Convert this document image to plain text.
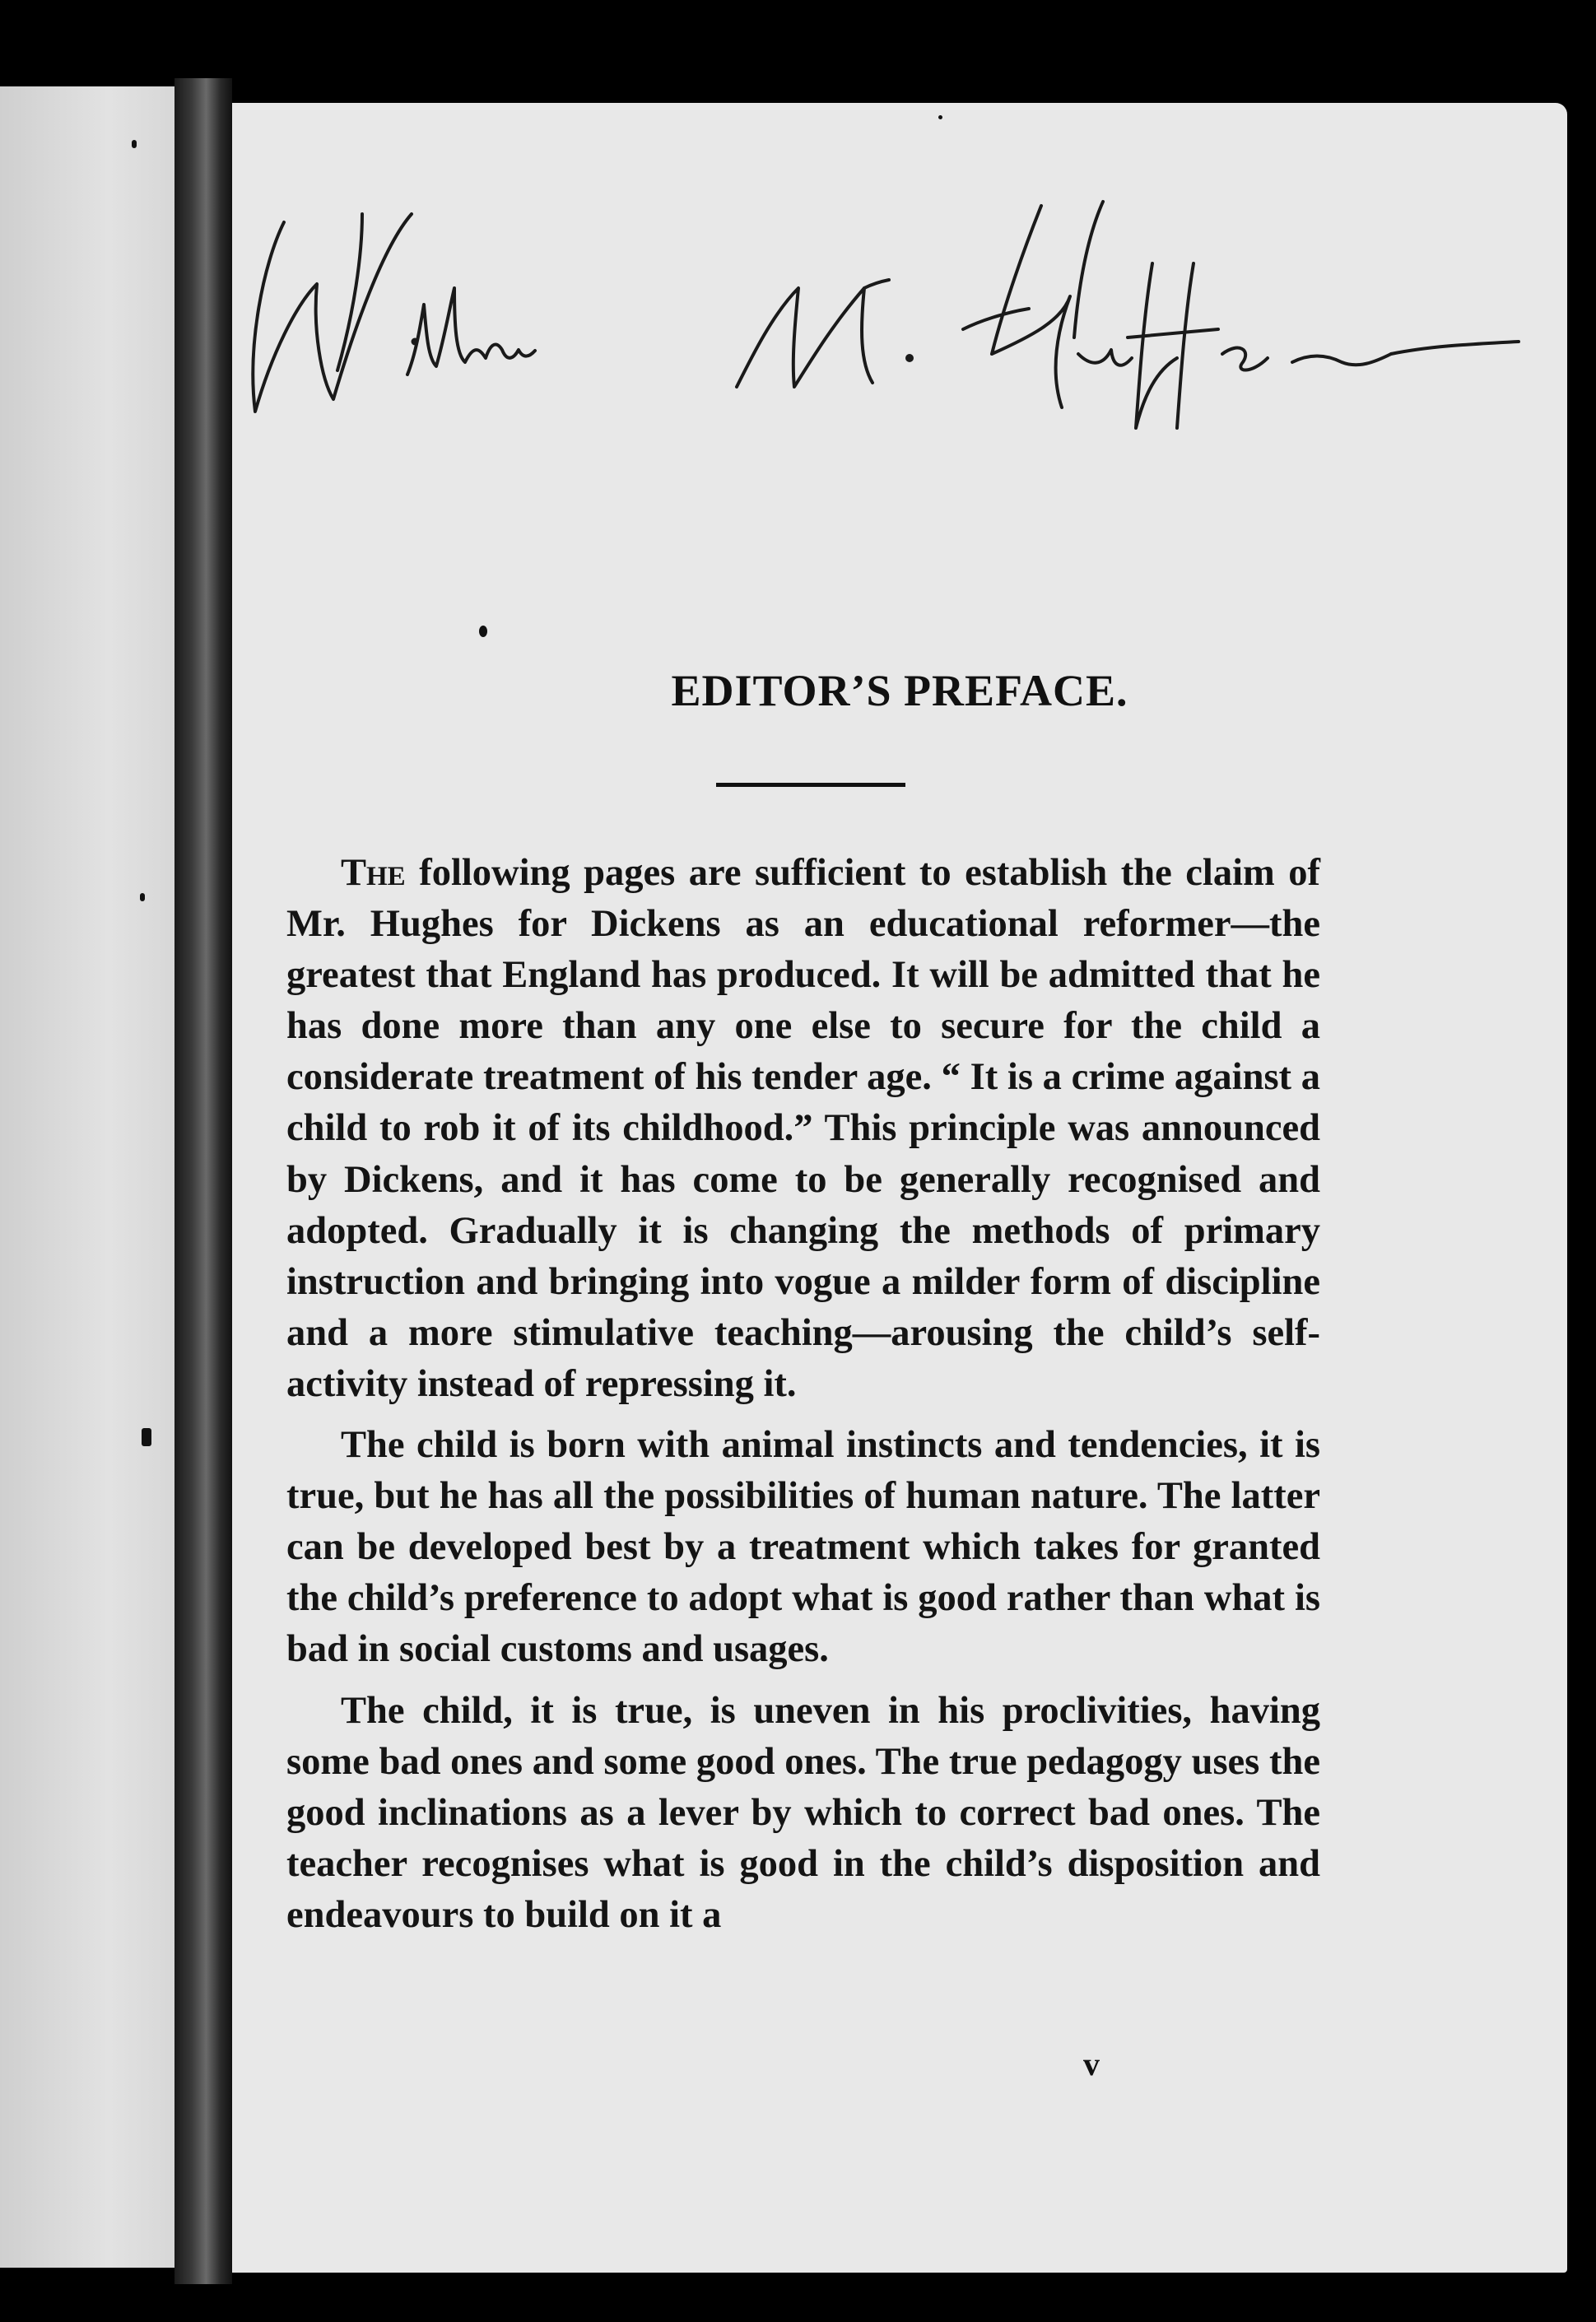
EDITOR’S PREFACE.

The following pages are sufficient to establish the claim of Mr. Hughes for Dickens as an educational reformer—the greatest that England has produced. It will be admitted that he has done more than any one else to secure for the child a considerate treatment of his tender age. “ It is a crime against a child to rob it of its childhood.” This principle was announced by Dickens, and it has come to be generally recognised and adopted. Gradually it is changing the methods of primary instruction and bringing into vogue a milder form of discipline and a more stimulative teaching—arousing the child’s self-activity instead of repressing it.

The child is born with animal instincts and tendencies, it is true, but he has all the possibilities of human nature. The latter can be developed best by a treatment which takes for granted the child’s preference to adopt what is good rather than what is bad in social customs and usages.

The child, it is true, is uneven in his proclivities, having some bad ones and some good ones. The true pedagogy uses the good inclinations as a lever by which to correct bad ones. The teacher recognises what is good in the child’s disposition and endeavours to build on it a

v
